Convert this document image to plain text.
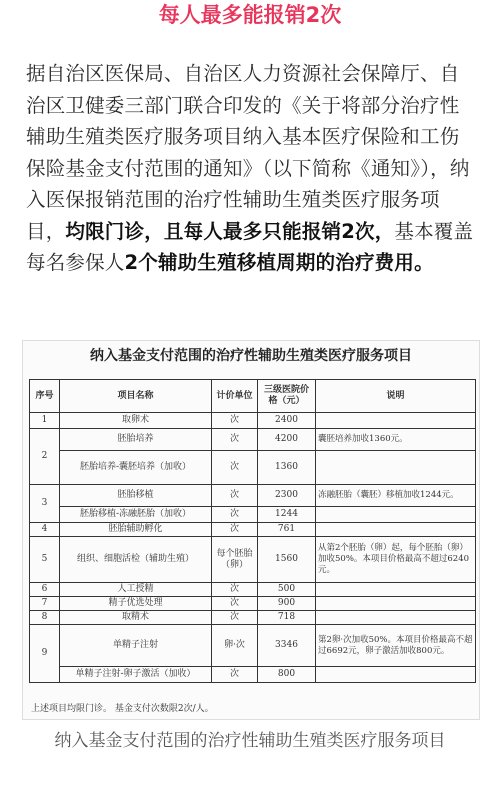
每人最多能报销2次
据自治区医保局、自治区人力资源社会保障厅、自治区卫健委三部门联合印发的《关于将部分治疗性辅助生殖类医疗服务项目纳入基本医疗保险和工伤保险基金支付范围的通知》（以下简称《通知》），纳入医保报销范围的治疗性辅助生殖类医疗服务项目，均限门诊，且每人最多只能报销2次，基本覆盖每名参保人2个辅助生殖移植周期的治疗费用。
纳入基金支付范围的治疗性辅助生殖类医疗服务项目
序号	项目名称	计价单位	三级医院价格（元）	说明
1	取卵术	次	2400	
2	胚胎培养	次	4200	囊胚培养加收1360元。
	胚胎培养-囊胚培养（加收）	次	1360	
3	胚胎移植	次	2300	冻融胚胎（囊胚）移植加收1244元。
	胚胎移植-冻融胚胎（加收）	次	1244	
4	胚胎辅助孵化	次	761	
5	组织、细胞活检（辅助生殖）	每个胚胎（卵）	1560	从第2个胚胎（卵）起，每个胚胎（卵）加收50%。本项目价格最高不超过6240元。
6	人工授精	次	500	
7	精子优选处理	次	900	
8	取精术	次	718	
9	单精子注射	卵·次	3346	第2卵·次加收50%。本项目价格最高不超过6692元，卵子激活加收800元。
	单精子注射-卵子激活（加收）	次	800	
上述项目均限门诊。 基金支付次数限2次/人。
纳入基金支付范围的治疗性辅助生殖类医疗服务项目
